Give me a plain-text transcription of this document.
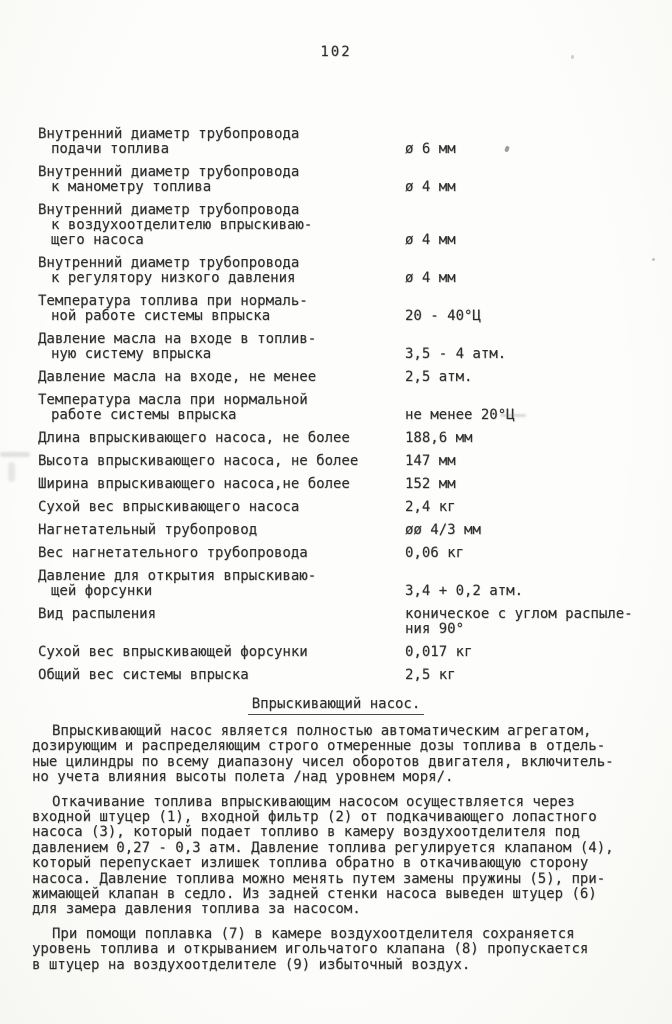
102
Внутренний диаметр трубопровода
подачи топлива	ø 6 мм
Внутренний диаметр трубопровода
к манометру топлива	ø 4 мм
Внутренний диаметр трубопровода
к воздухоотделителю впрыскиваю-
щего насоса	ø 4 мм
Внутренний диаметр трубопровода
к регулятору низкого давления	ø 4 мм
Температура топлива при нормаль-
ной работе системы впрыска	20 - 40°Ц
Давление масла на входе в топлив-
ную систему впрыска	3,5 - 4 атм.
Давление масла на входе, не менее	2,5 атм.
Температура масла при нормальной
работе системы впрыска	не менее 20°Ц
Длина впрыскивающего насоса, не более	188,6 мм
Высота впрыскивающего насоса, не более	147 мм
Ширина впрыскивающего насоса,не более	152 мм
Сухой вес впрыскивающего насоса	2,4 кг
Нагнетательный трубопровод	øø 4/3 мм
Вес нагнетательного трубопровода	0,06 кг
Давление для открытия впрыскиваю-
щей форсунки	3,4 + 0,2 атм.
Вид распыления	коническое с углом распыле-
ния 90°
Сухой вес впрыскивающей форсунки	0,017 кг
Общий вес системы впрыска	2,5 кг
Впрыскивающий насос.
Впрыскивающий насос является полностью автоматическим агрегатом,
дозирующим и распределяющим строго отмеренные дозы топлива в отдель-
ные цилиндры по всему диапазону чисел оборотов двигателя, включитель-
но учета влияния высоты полета /над уровнем моря/.
Откачивание топлива впрыскивающим насосом осуществляется через
входной штуцер (1), входной фильтр (2) от подкачивающего лопастного
насоса (3), который подает топливо в камеру воздухоотделителя под
давлением 0,27 - 0,3 атм. Давление топлива регулируется клапаном (4),
который перепускает излишек топлива обратно в откачивающую сторону
насоса. Давление топлива можно менять путем замены пружины (5), при-
жимающей клапан в седло. Из задней стенки насоса выведен штуцер (6)
для замера давления топлива за насосом.
При помощи поплавка (7) в камере воздухоотделителя сохраняется
уровень топлива и открыванием игольчатого клапана (8) пропускается
в штуцер на воздухоотделителе (9) избыточный воздух.
